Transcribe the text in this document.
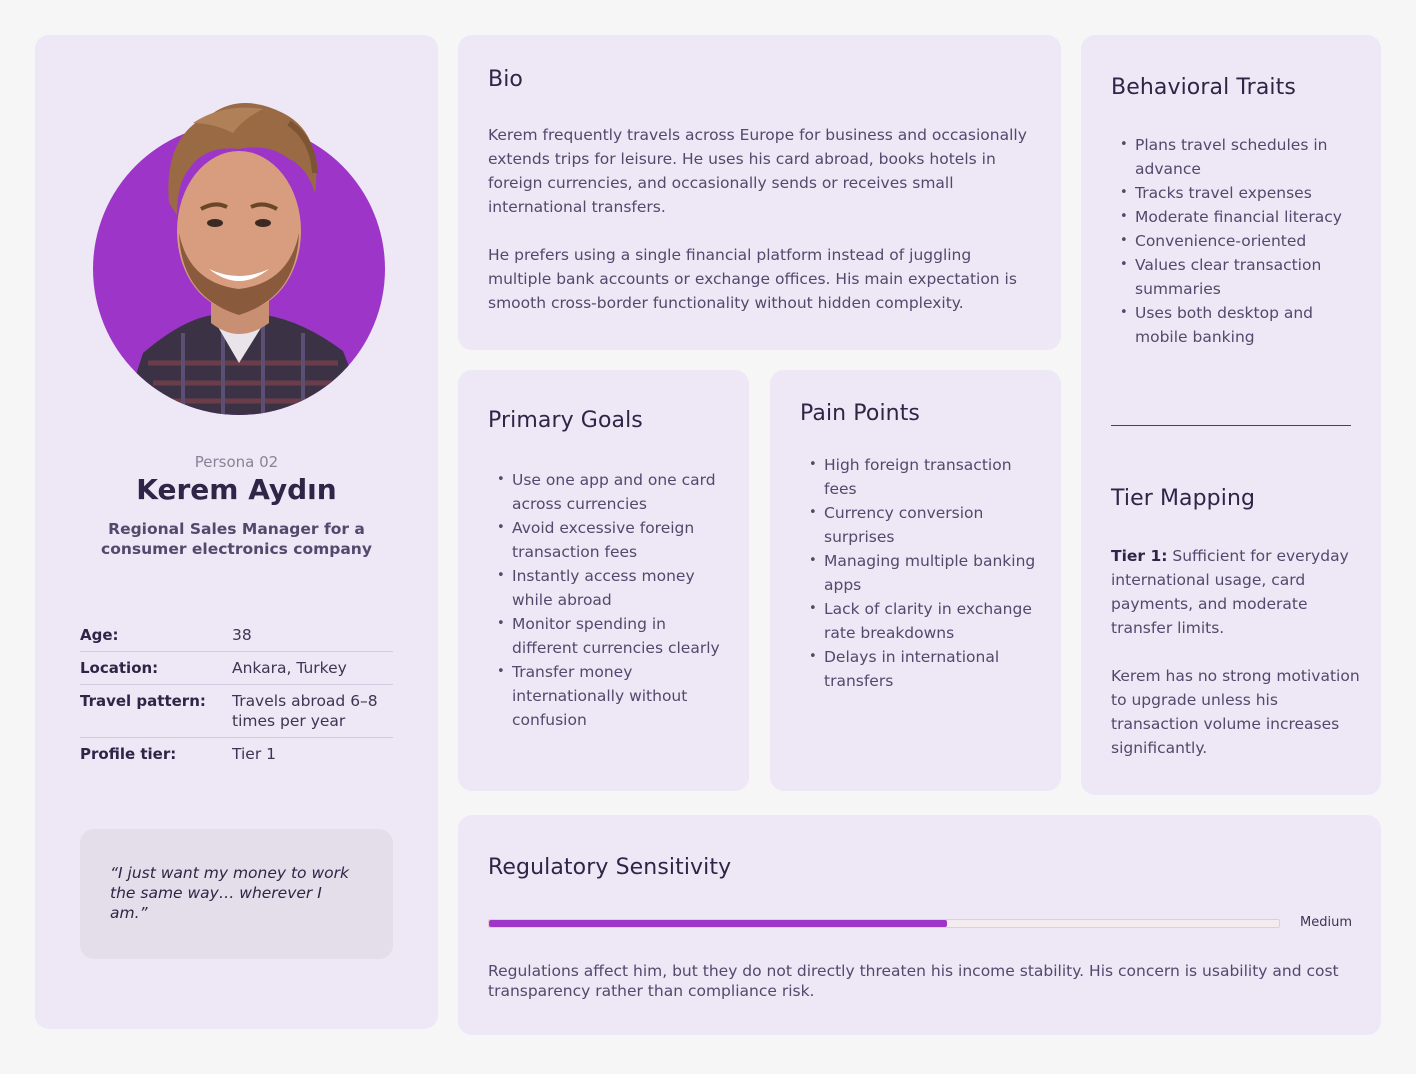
Persona 02
Kerem Aydın
Regional Sales Manager for a consumer electronics company
Age:	38
Location:	Ankara, Turkey
Travel pattern:	Travels abroad 6–8 times per year
Profile tier:	Tier 1

“I just want my money to work the same way… wherever I am.”

Bio

Kerem frequently travels across Europe for business and occasionally extends trips for leisure. He uses his card abroad, books hotels in foreign currencies, and occasionally sends or receives small international transfers.

He prefers using a single financial platform instead of juggling multiple bank accounts or exchange offices. His main expectation is smooth cross-border functionality without hidden complexity.

Primary Goals
• Use one app and one card across currencies
• Avoid excessive foreign transaction fees
• Instantly access money while abroad
• Monitor spending in different currencies clearly
• Transfer money internationally without confusion
Pain Points
• High foreign transaction fees
• Currency conversion surprises
• Managing multiple banking apps
• Lack of clarity in exchange rate breakdowns
• Delays in international transfers
Behavioral Traits
• Plans travel schedules in advance
• Tracks travel expenses
• Moderate financial literacy
• Convenience-oriented
• Values clear transaction summaries
• Uses both desktop and mobile banking
Tier Mapping

Tier 1: Sufficient for everyday international usage, card payments, and moderate transfer limits.

Kerem has no strong motivation to upgrade unless his transaction volume increases significantly.

Regulatory Sensitivity
Medium
Regulations affect him, but they do not directly threaten his income stability. His concern is usability and cost transparency rather than compliance risk.
